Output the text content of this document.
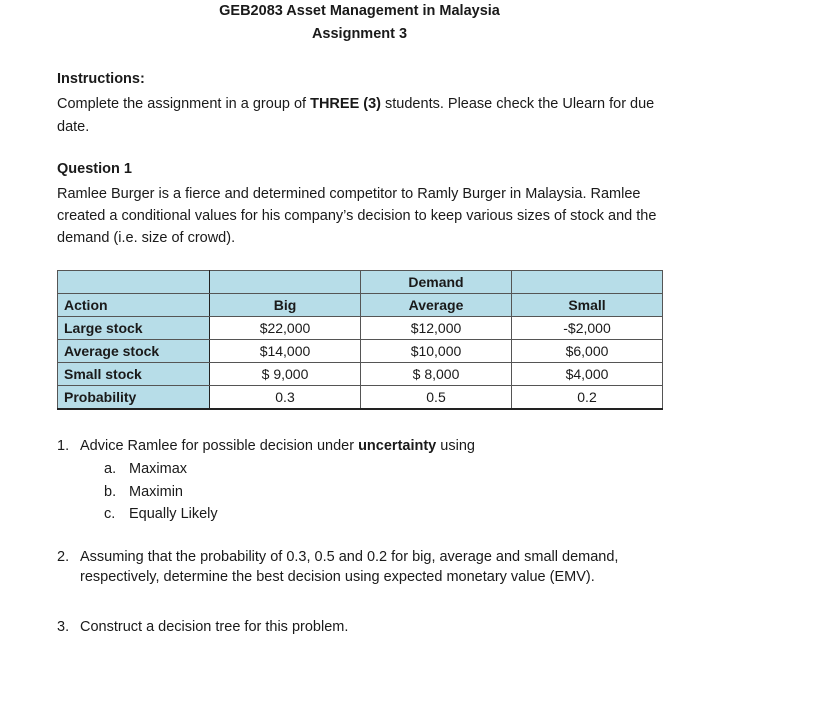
GEB2083 Asset Management in Malaysia
Assignment 3
Instructions:
Complete the assignment in a group of THREE (3) students. Please check the Ulearn for due date.
Question 1
Ramlee Burger is a fierce and determined competitor to Ramly Burger in Malaysia. Ramlee created a conditional values for his company’s decision to keep various sizes of stock and the demand (i.e. size of crowd).
		Demand	
Action	Big	Average	Small
Large stock	$22,000	$12,000	-$2,000
Average stock	$14,000	$10,000	$6,000
Small stock	$ 9,000	$ 8,000	$4,000
Probability	0.3	0.5	0.2
1. Advice Ramlee for possible decision under uncertainty using
a. Maximax
b. Maximin
c. Equally Likely
2. Assuming that the probability of 0.3, 0.5 and 0.2 for big, average and small demand,
respectively, determine the best decision using expected monetary value (EMV).
3. Construct a decision tree for this problem.
